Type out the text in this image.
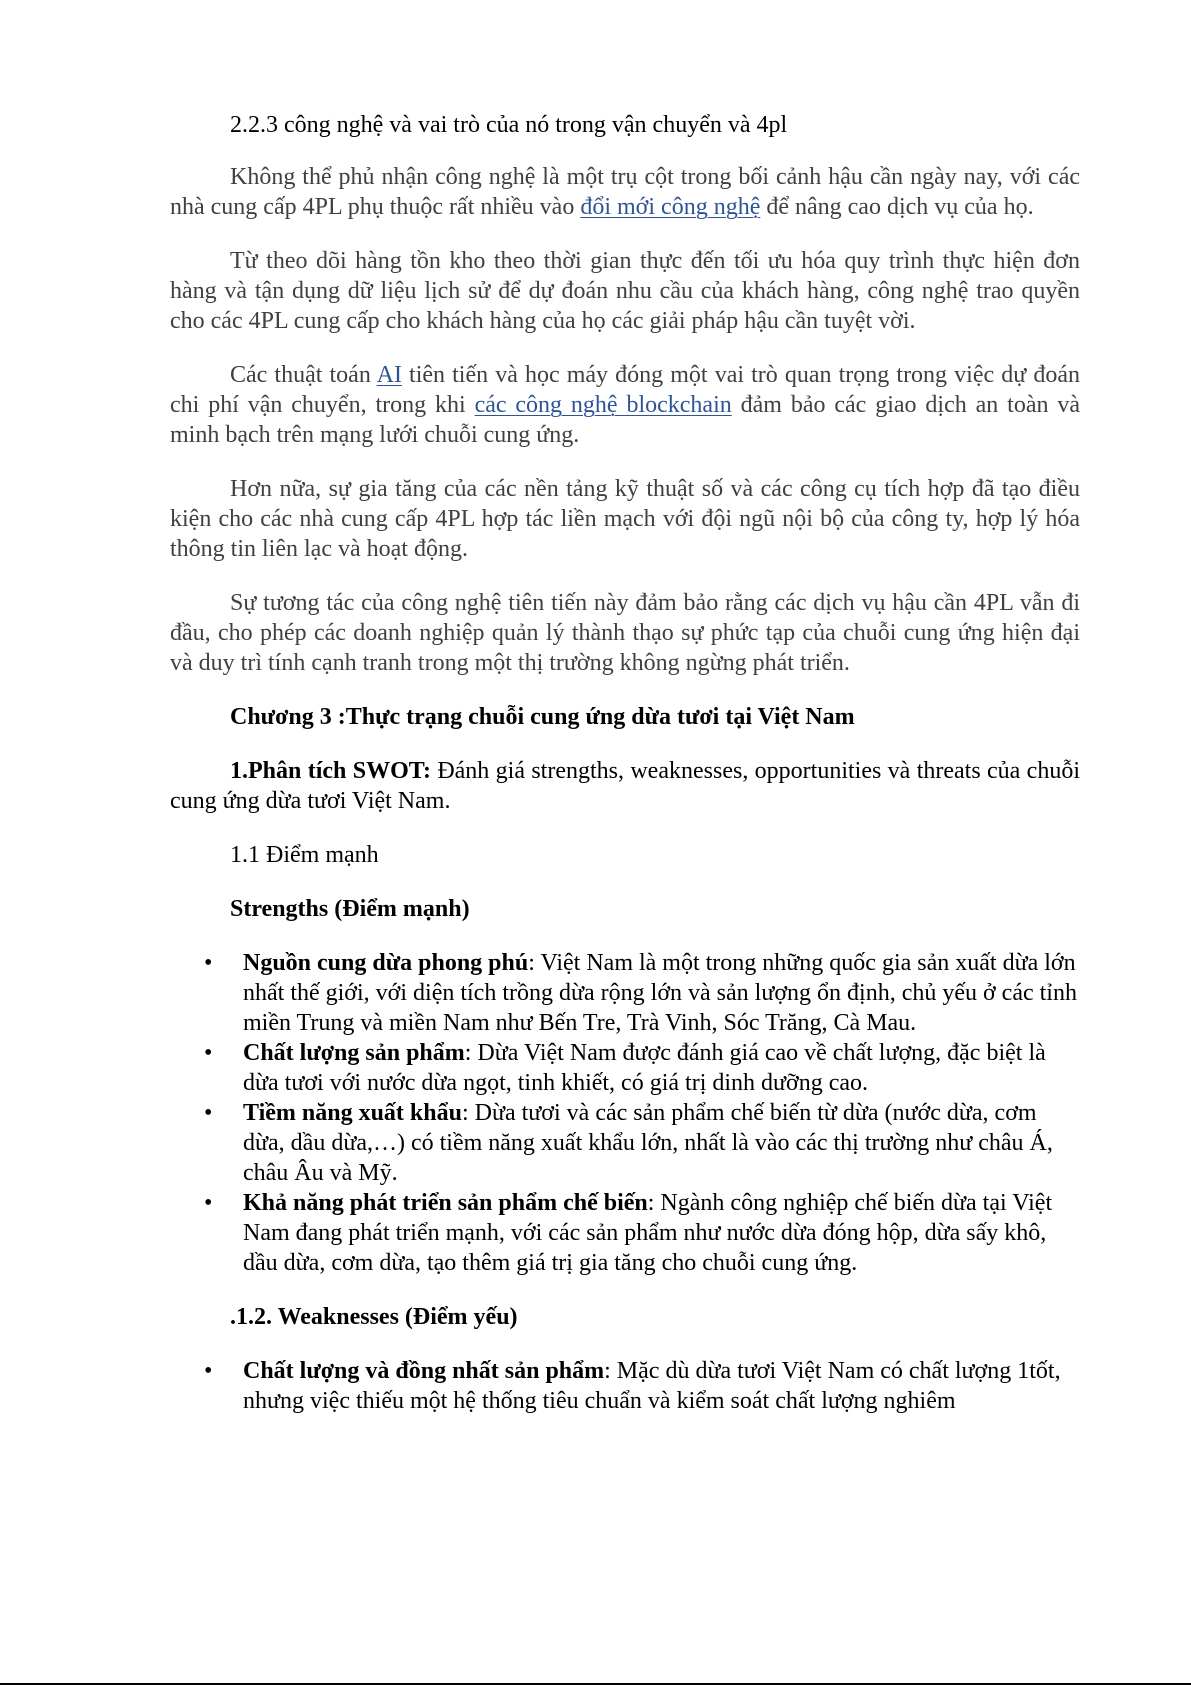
2.2.3 công nghệ và vai trò của nó trong vận chuyển và 4pl

Không thể phủ nhận công nghệ là một trụ cột trong bối cảnh hậu cần ngày nay, với các nhà cung cấp 4PL phụ thuộc rất nhiều vào đổi mới công nghệ để nâng cao dịch vụ của họ.

Từ theo dõi hàng tồn kho theo thời gian thực đến tối ưu hóa quy trình thực hiện đơn hàng và tận dụng dữ liệu lịch sử để dự đoán nhu cầu của khách hàng, công nghệ trao quyền cho các 4PL cung cấp cho khách hàng của họ các giải pháp hậu cần tuyệt vời.

Các thuật toán AI tiên tiến và học máy đóng một vai trò quan trọng trong việc dự đoán chi phí vận chuyển, trong khi các công nghệ blockchain đảm bảo các giao dịch an toàn và minh bạch trên mạng lưới chuỗi cung ứng.

Hơn nữa, sự gia tăng của các nền tảng kỹ thuật số và các công cụ tích hợp đã tạo điều kiện cho các nhà cung cấp 4PL hợp tác liền mạch với đội ngũ nội bộ của công ty, hợp lý hóa thông tin liên lạc và hoạt động.

Sự tương tác của công nghệ tiên tiến này đảm bảo rằng các dịch vụ hậu cần 4PL vẫn đi đầu, cho phép các doanh nghiệp quản lý thành thạo sự phức tạp của chuỗi cung ứng hiện đại và duy trì tính cạnh tranh trong một thị trường không ngừng phát triển.

Chương 3 :Thực trạng chuỗi cung ứng dừa tươi tại Việt Nam

1.Phân tích SWOT: Đánh giá strengths, weaknesses, opportunities và threats của chuỗi cung ứng dừa tươi Việt Nam.

1.1 Điểm mạnh
Strengths (Điểm mạnh)
• Nguồn cung dừa phong phú: Việt Nam là một trong những quốc gia sản xuất dừa lớn nhất thế giới, với diện tích trồng dừa rộng lớn và sản lượng ổn định, chủ yếu ở các tỉnh miền Trung và miền Nam như Bến Tre, Trà Vinh, Sóc Trăng, Cà Mau.
• Chất lượng sản phẩm: Dừa Việt Nam được đánh giá cao về chất lượng, đặc biệt là dừa tươi với nước dừa ngọt, tinh khiết, có giá trị dinh dưỡng cao.
• Tiềm năng xuất khẩu: Dừa tươi và các sản phẩm chế biến từ dừa (nước dừa, cơm dừa, dầu dừa,…) có tiềm năng xuất khẩu lớn, nhất là vào các thị trường như châu Á, châu Âu và Mỹ.
• Khả năng phát triển sản phẩm chế biến: Ngành công nghiệp chế biến dừa tại Việt Nam đang phát triển mạnh, với các sản phẩm như nước dừa đóng hộp, dừa sấy khô, dầu dừa, cơm dừa, tạo thêm giá trị gia tăng cho chuỗi cung ứng.
.1.2. Weaknesses (Điểm yếu)
• Chất lượng và đồng nhất sản phẩm: Mặc dù dừa tươi Việt Nam có chất lượng 1tốt, nhưng việc thiếu một hệ thống tiêu chuẩn và kiểm soát chất lượng nghiêm
